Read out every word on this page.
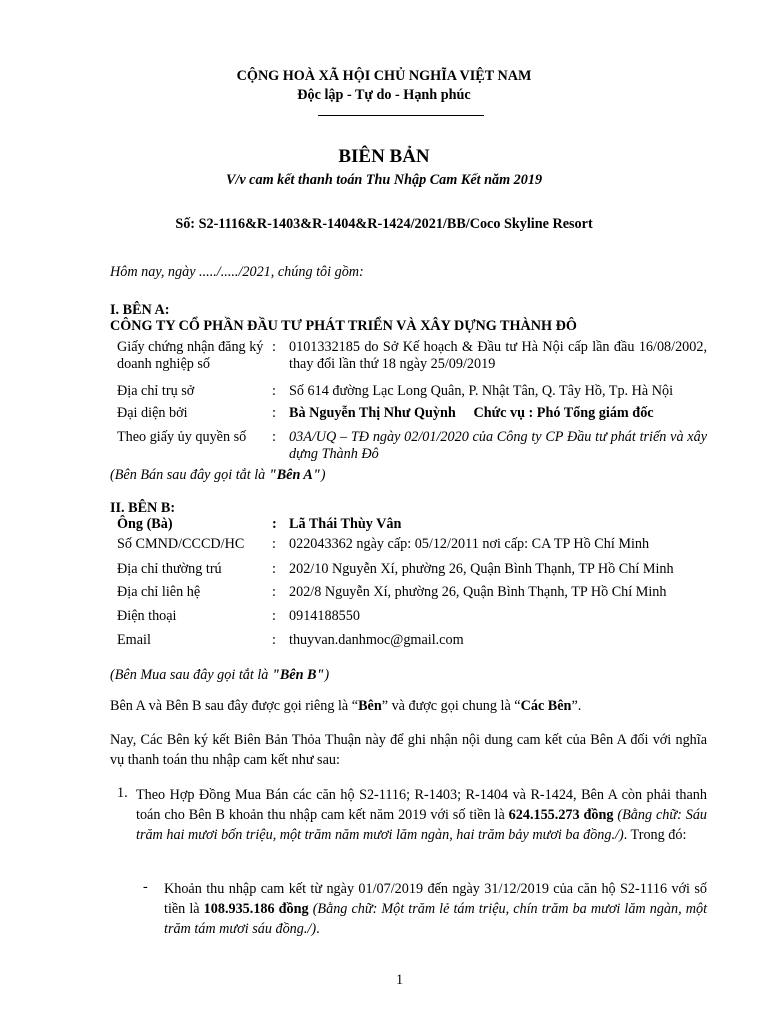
CỘNG HOÀ XÃ HỘI CHỦ NGHĨA VIỆT NAM
Độc lập - Tự do - Hạnh phúc
BIÊN BẢN
V/v cam kết thanh toán Thu Nhập Cam Kết năm 2019
Số: S2-1116&R-1403&R-1404&R-1424/2021/BB/Coco Skyline Resort
Hôm nay, ngày ...../...../2021, chúng tôi gồm:
I. BÊN A:
CÔNG TY CỔ PHẦN ĐẦU TƯ PHÁT TRIỂN VÀ XÂY DỰNG THÀNH ĐÔ
Giấy chứng nhận đăng ký doanh nghiệp số
: 0101332185 do Sở Kế hoạch & Đầu tư Hà Nội cấp lần đầu 16/08/2002, thay đổi lần thứ 18 ngày 25/09/2019
Địa chỉ trụ sở	: Số 614 đường Lạc Long Quân, P. Nhật Tân, Q. Tây Hồ, Tp. Hà Nội
Đại diện bởi	: Bà Nguyễn Thị Như Quỳnh     Chức vụ : Phó Tổng giám đốc
Theo giấy ủy quyền số : 03A/UQ – TĐ ngày 02/01/2020 của Công ty CP Đầu tư phát triển và xây dựng Thành Đô
(Bên Bán sau đây gọi tắt là "Bên A")
II. BÊN B:
Ông (Bà)	: Lã Thái Thùy Vân
Số CMND/CCCD/HC : 022043362 ngày cấp: 05/12/2011 nơi cấp: CA TP Hồ Chí Minh
Địa chỉ thường trú	: 202/10 Nguyễn Xí, phường 26, Quận Bình Thạnh, TP Hồ Chí Minh
Địa chỉ liên hệ	: 202/8 Nguyễn Xí, phường 26, Quận Bình Thạnh, TP Hồ Chí Minh
Điện thoại	: 0914188550
Email	: thuyvan.danhmoc@gmail.com
(Bên Mua sau đây gọi tắt là "Bên B")
Bên A và Bên B sau đây được gọi riêng là “Bên” và được gọi chung là “Các Bên”.
Nay, Các Bên ký kết Biên Bản Thỏa Thuận này để ghi nhận nội dung cam kết của Bên A đối với nghĩa vụ thanh toán thu nhập cam kết như sau:
1. Theo Hợp Đồng Mua Bán các căn hộ S2-1116; R-1403; R-1404 và R-1424, Bên A còn phải thanh toán cho Bên B khoản thu nhập cam kết năm 2019 với số tiền là 624.155.273 đồng (Bằng chữ: Sáu trăm hai mươi bốn triệu, một trăm năm mươi lăm ngàn, hai trăm bảy mươi ba đồng./). Trong đó:
- Khoản thu nhập cam kết từ ngày 01/07/2019 đến ngày 31/12/2019 của căn hộ S2-1116 với số tiền là 108.935.186 đồng (Bằng chữ: Một trăm lẻ tám triệu, chín trăm ba mươi lăm ngàn, một trăm tám mươi sáu đồng./).
1
